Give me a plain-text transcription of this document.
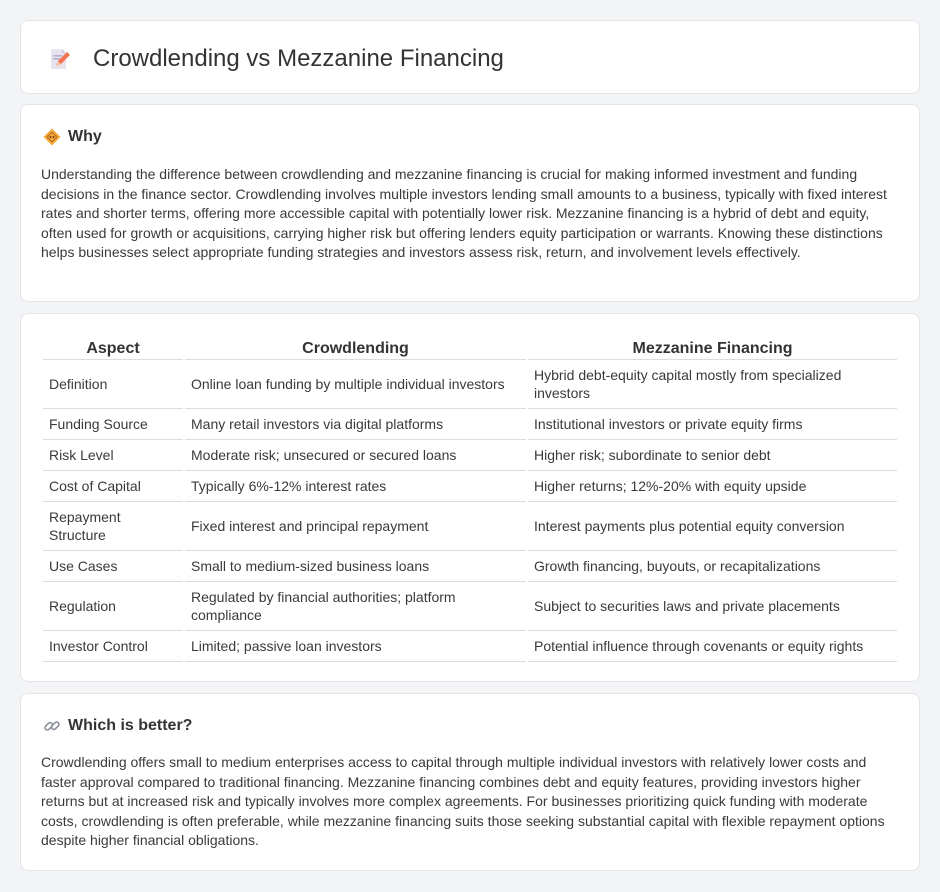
Crowdlending vs Mezzanine Financing
Why

Understanding the difference between crowdlending and mezzanine financing is crucial for making informed investment and funding decisions in the finance sector. Crowdlending involves multiple investors lending small amounts to a business, typically with fixed interest rates and shorter terms, offering more accessible capital with potentially lower risk. Mezzanine financing is a hybrid of debt and equity, often used for growth or acquisitions, carrying higher risk but offering lenders equity participation or warrants. Knowing these distinctions helps businesses select appropriate funding strategies and investors assess risk, return, and involvement levels effectively.

Aspect	Crowdlending	Mezzanine Financing
Definition	Online loan funding by multiple individual investors	Hybrid debt-equity capital mostly from specialized investors
Funding Source	Many retail investors via digital platforms	Institutional investors or private equity firms
Risk Level	Moderate risk; unsecured or secured loans	Higher risk; subordinate to senior debt
Cost of Capital	Typically 6%-12% interest rates	Higher returns; 12%-20% with equity upside
Repayment Structure	Fixed interest and principal repayment	Interest payments plus potential equity conversion
Use Cases	Small to medium-sized business loans	Growth financing, buyouts, or recapitalizations
Regulation	Regulated by financial authorities; platform compliance	Subject to securities laws and private placements
Investor Control	Limited; passive loan investors	Potential influence through covenants or equity rights
Which is better?

Crowdlending offers small to medium enterprises access to capital through multiple individual investors with relatively lower costs and faster approval compared to traditional financing. Mezzanine financing combines debt and equity features, providing investors higher returns but at increased risk and typically involves more complex agreements. For businesses prioritizing quick funding with moderate costs, crowdlending is often preferable, while mezzanine financing suits those seeking substantial capital with flexible repayment options despite higher financial obligations.
